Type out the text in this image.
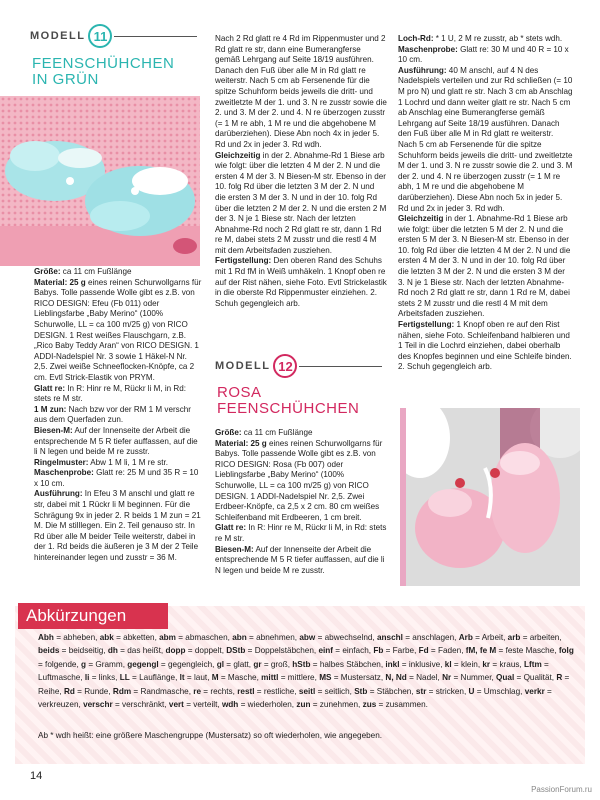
MODELL 11
FEENSCHÜHCHEN
IN GRÜN

Größe: ca 11 cm Fußlänge

Material: 25 g eines reinen Schurwollgarns für Babys. Tolle passende Wolle gibt es z.B. von RICO DESIGN: Efeu (Fb 011) oder Lieblingsfarbe „Baby Merino“ (100% Schurwolle, LL = ca 100 m/25 g) von RICO DESIGN. 1 Rest weißes Flauschgarn, z.B. „Rico Baby Teddy Aran“ von RICO DESIGN. 1 ADDI-Nadelspiel Nr. 3 sowie 1 Häkel-N Nr. 2,5. Zwei weiße Schneeflocken-Knöpfe, ca 2 cm. Evtl Strick-Elastik von PRYM.

Glatt re: In R: Hinr re M, Rückr li M, in Rd: stets re M str.

1 M zun: Nach bzw vor der RM 1 M verschr aus dem Querfaden zun.

Biesen-M: Auf der Innenseite der Arbeit die entsprechende M 5 R tiefer auffassen, auf die li N legen und beide M re zusstr.

Ringelmuster: Abw 1 M li, 1 M re str.

Maschenprobe: Glatt re: 25 M und 35 R = 10 x 10 cm.

Ausführung: In Efeu 3 M anschl und glatt re str, dabei mit 1 Rückr li M beginnen. Für die Schrägung 9x in jeder 2. R beids 1 M zun = 21 M. Die M stilllegen. Ein 2. Teil genauso str. In Rd über alle M beider Teile weiterstr, dabei in der 1. Rd beids die äußeren je 3 M der 2 Teile hintereinander legen und zusstr = 36 M.

Nach 2 Rd glatt re 4 Rd im Rippenmuster und 2 Rd glatt re str, dann eine Bumerangferse gemäß Lehrgang auf Seite 18/19 ausführen. Danach den Fuß über alle M in Rd glatt re weiterstr. Nach 5 cm ab Fersenende für die spitze Schuhform beids jeweils die dritt- und zweitletzte M der 1. und 3. N re zusstr sowie die 2. und 3. M der 2. und 4. N re überzogen zusstr (= 1 M re abh, 1 M re und die abgehobene M darüberziehen). Diese Abn noch 4x in jeder 5. Rd und 2x in jeder 3. Rd wdh.

Gleichzeitig in der 2. Abnahme-Rd 1 Biese arb wie folgt: über die letzten 4 M der 2. N und die ersten 4 M der 3. N Biesen-M str. Ebenso in der 10. folg Rd über die letzten 3 M der 2. N und die ersten 3 M der 3. N und in der 10. folg Rd über die letzten 2 M der 2. N und die ersten 2 M der 3. N je 1 Biese str. Nach der letzten Abnahme-Rd noch 2 Rd glatt re str, dann 1 Rd re M, dabei stets 2 M zusstr und die restl 4 M mit dem Arbeitsfaden zusziehen.

Fertigstellung: Den oberen Rand des Schuhs mit 1 Rd fM in Weiß umhäkeln. 1 Knopf oben re auf der Rist nähen, siehe Foto. Evtl Strickelastik in die oberste Rd Rippenmuster einziehen. 2. Schuh gegengleich arb.

MODELL 12
ROSA
FEENSCHÜHCHEN

Größe: ca 11 cm Fußlänge

Material: 25 g eines reinen Schurwollgarns für Babys. Tolle passende Wolle gibt es z.B. von RICO DESIGN: Rosa (Fb 007) oder Lieblingsfarbe „Baby Merino“ (100% Schurwolle, LL = ca 100 m/25 g) von RICO DESIGN. 1 ADDI-Nadelspiel Nr. 2,5. Zwei Erdbeer-Knöpfe, ca 2,5 x 2 cm. 80 cm weißes Schleifenband mit Erdbeeren, 1 cm breit.

Glatt re: In R: Hinr re M, Rückr li M, in Rd: stets re M str.

Biesen-M: Auf der Innenseite der Arbeit die entsprechende M 5 R tiefer auffassen, auf die li N legen und beide M re zusstr.

Loch-Rd: * 1 U, 2 M re zusstr, ab * stets wdh.

Maschenprobe: Glatt re: 30 M und 40 R = 10 x 10 cm.

Ausführung: 40 M anschl, auf 4 N des Nadelspiels verteilen und zur Rd schließen (= 10 M pro N) und glatt re str. Nach 3 cm ab Anschlag 1 Lochrd und dann weiter glatt re str. Nach 5 cm ab Anschlag eine Bumerangferse gemäß Lehrgang auf Seite 18/19 ausführen. Danach den Fuß über alle M in Rd glatt re weiterstr. Nach 5 cm ab Fersenende für die spitze Schuhform beids jeweils die dritt- und zweitletzte M der 1. und 3. N re zusstr sowie die 2. und 3. M der 2. und 4. N re überzogen zusstr (= 1 M re abh, 1 M re und die abgehobene M darüberziehen). Diese Abn noch 5x in jeder 5. Rd und 2x in jeder 3. Rd wdh.

Gleichzeitig in der 1. Abnahme-Rd 1 Biese arb wie folgt: über die letzten 5 M der 2. N und die ersten 5 M der 3. N Biesen-M str. Ebenso in der 10. folg Rd über die letzten 4 M der 2. N und die ersten 4 M der 3. N und in der 10. folg Rd über die letzten 3 M der 2. N und die ersten 3 M der 3. N je 1 Biese str. Nach der letzten Abnahme-Rd noch 2 Rd glatt re str, dann 1 Rd re M, dabei stets 2 M zusstr und die restl 4 M mit dem Arbeitsfaden zusziehen.

Fertigstellung: 1 Knopf oben re auf den Rist nähen, siehe Foto. Schleifenband halbieren und 1 Teil in die Lochrd einziehen, dabei oberhalb des Knopfes beginnen und eine Schleife binden.

2. Schuh gegengleich arb.

Abkürzungen
Abh = abheben, abk = abketten, abm = abmaschen, abn = abnehmen, abw = abwechselnd, anschl = anschlagen, Arb = Arbeit, arb = arbeiten, beids = beidseitig, dh = das heißt, dopp = doppelt, DStb = Doppelstäbchen, einf = einfach, Fb = Farbe, Fd = Faden, fM, fe M = feste Masche, folg = folgende, g = Gramm, gegengl = gegengleich, gl = glatt, gr = groß, hStb = halbes Stäbchen, inkl = inklusive, kl = klein, kr = kraus, Lftm = Luftmasche, li = links, LL = Lauflänge, lt = laut, M = Masche, mittl = mittlere, MS = Mustersatz, N, Nd = Nadel, Nr = Nummer, Qual = Qualität, R = Reihe, Rd = Runde, Rdm = Randmasche, re = rechts, restl = restliche, seitl = seitlich, Stb = Stäbchen, str = stricken, U = Umschlag, verkr = verkreuzen, verschr = verschränkt, vert = verteilt, wdh = wiederholen, zun = zunehmen, zus = zusammen.
Ab * wdh heißt: eine größere Maschengruppe (Mustersatz) so oft wiederholen, wie angegeben.
14
PassionForum.ru
